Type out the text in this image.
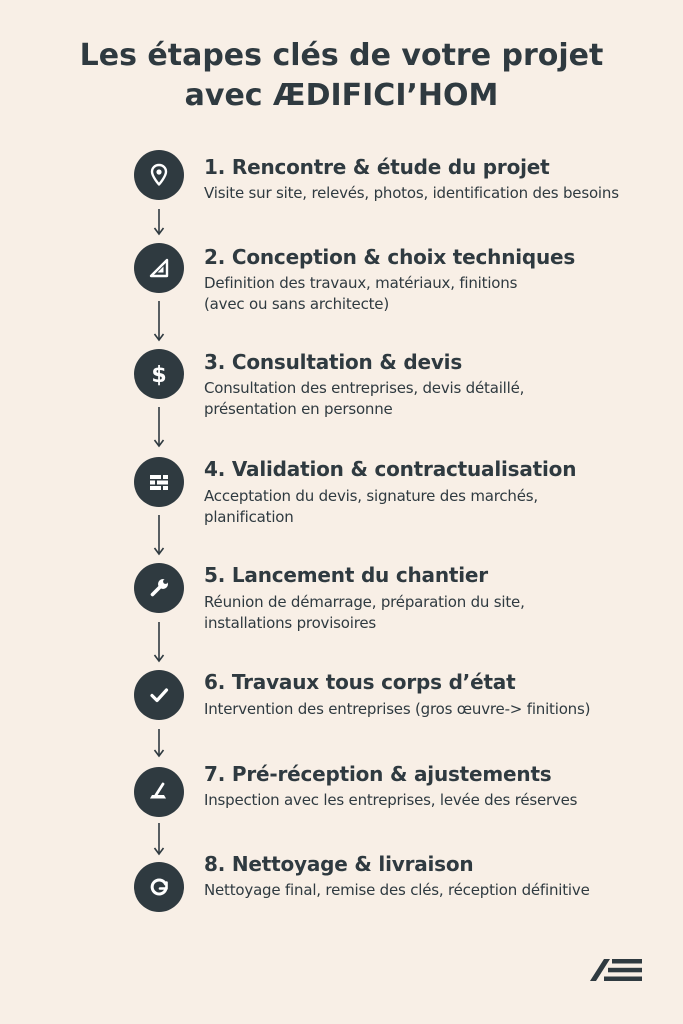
Les étapes clés de votre projet
avec ÆDIFICI’HOM
1. Rencontre & étude du projet
Visite sur site, relevés, photos, identification des besoins
2. Conception & choix techniques
Definition des travaux, matériaux, finitions
(avec ou sans architecte)
$
3. Consultation & devis
Consultation des entreprises, devis détaillé,
présentation en personne
4. Validation & contractualisation
Acceptation du devis, signature des marchés,
planification
5. Lancement du chantier
Réunion de démarrage, préparation du site,
installations provisoires
6. Travaux tous corps d’état
Intervention des entreprises (gros œuvre-> finitions)
7. Pré-réception & ajustements
Inspection avec les entreprises, levée des réserves
8. Nettoyage & livraison
Nettoyage final, remise des clés, réception définitive
